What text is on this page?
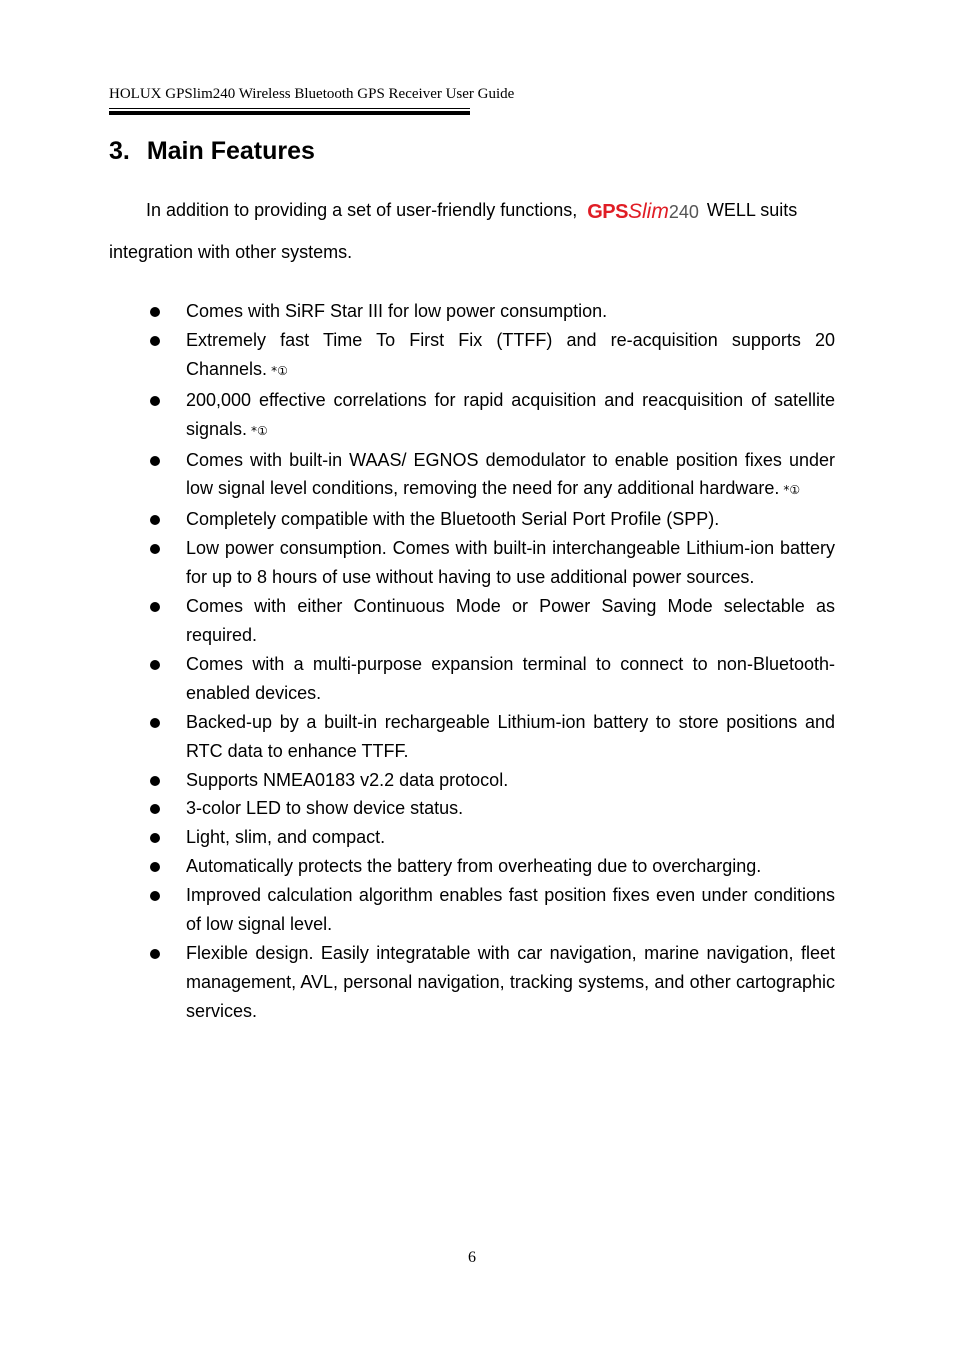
HOLUX GPSlim240 Wireless Bluetooth GPS Receiver User Guide
3. Main Features
In addition to providing a set of user-friendly functions, GPSSlim240 WELL suits
integration with other systems.
Comes with SiRF Star III for low power consumption.
Extremely fast Time To First Fix (TTFF) and re-acquisition supports 20 Channels. *①
200,000 effective correlations for rapid acquisition and reacquisition of satellite signals. *①
Comes with built-in WAAS/ EGNOS demodulator to enable position fixes under low signal level conditions, removing the need for any additional hardware. *①
Completely compatible with the Bluetooth Serial Port Profile (SPP).
Low power consumption. Comes with built-in interchangeable Lithium-ion battery for up to 8 hours of use without having to use additional power sources.
Comes with either Continuous Mode or Power Saving Mode selectable as required.
Comes with a multi-purpose expansion terminal to connect to non-Bluetooth-enabled devices.
Backed-up by a built-in rechargeable Lithium-ion battery to store positions and RTC data to enhance TTFF.
Supports NMEA0183 v2.2 data protocol.
3-color LED to show device status.
Light, slim, and compact.
Automatically protects the battery from overheating due to overcharging.
Improved calculation algorithm enables fast position fixes even under conditions of low signal level.
Flexible design. Easily integratable with car navigation, marine navigation, fleet management, AVL, personal navigation, tracking systems, and other cartographic services.
6
